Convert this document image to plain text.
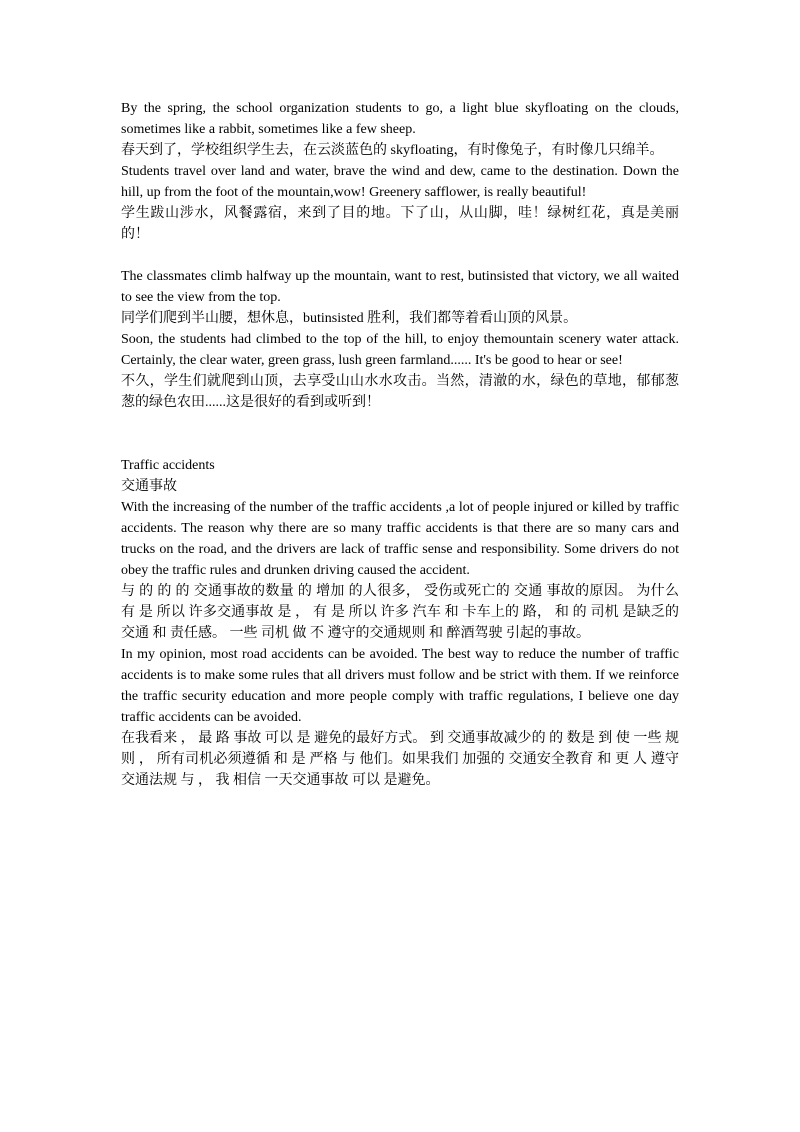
By the spring, the school organization students to go, a light blue skyfloating on the clouds, sometimes like a rabbit, sometimes like a few sheep.

春天到了，学校组织学生去，在云淡蓝色的 skyfloating，有时像兔子，有时像几只绵羊。

Students travel over land and water, brave the wind and dew, came to the destination. Down the hill, up from the foot of the mountain,wow! Greenery safflower, is really beautiful!

学生跋山涉水，风餐露宿，来到了目的地。下了山，从山脚，哇！绿树红花，真是美丽的！

The classmates climb halfway up the mountain, want to rest, butinsisted that victory, we all waited to see the view from the top.

同学们爬到半山腰，想休息，butinsisted 胜利，我们都等着看山顶的风景。

Soon, the students had climbed to the top of the hill, to enjoy themountain scenery water attack. Certainly, the clear water, green grass, lush green farmland...... It's be good to hear or see!

不久，学生们就爬到山顶，去享受山山水水攻击。当然，清澈的水，绿色的草地，郁郁葱葱的绿色农田......这是很好的看到或听到！

Traffic accidents

交通事故

With the increasing of the number of the traffic accidents ,a lot of people injured or killed by traffic accidents. The reason why there are so many traffic accidents is that there are so many cars and trucks on the road, and the drivers are lack of traffic sense and responsibility. Some drivers do not obey the traffic rules and drunken driving caused the accident.

与 的 的 的 交通事故的数量 的 增加 的人很多， 受伤或死亡的 交通 事故的原因。 为什么 有 是 所以 许多交通事故 是 ， 有 是 所以 许多 汽车 和 卡车上的 路， 和 的 司机 是缺乏的 交通 和 责任感。 一些 司机 做 不 遵守的交通规则 和 醉酒驾驶 引起的事故。

In my opinion, most road accidents can be avoided. The best way to reduce the number of traffic accidents is to make some rules that all drivers must follow and be strict with them. If we reinforce the traffic security education and more people comply with traffic regulations, I believe one day traffic accidents can be avoided.

在我看来 ， 最 路 事故 可以 是 避免的最好方式。 到 交通事故减少的 的 数是 到 使 一些 规则 ， 所有司机必须遵循 和 是 严格 与 他们。如果我们 加强的 交通安全教育 和 更 人 遵守交通法规 与 ， 我 相信 一天交通事故 可以 是避免。
